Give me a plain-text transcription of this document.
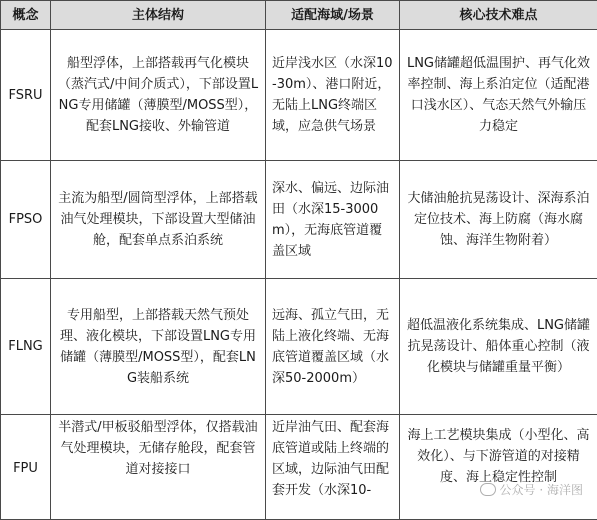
概念	主体结构	适配海域/场景	核心技术难点
FSRU	船型浮体，上部搭载再气化模块（蒸汽式/中间介质式），下部设置LNG专用储罐（薄膜型/MOSS型），配套LNG接收、外输管道	近岸浅水区（水深10-30m）、港口附近，无陆上LNG终端区域，应急供气场景	LNG储罐超低温围护、再气化效率控制、海上系泊定位（适配港口浅水区）、气态天然气外输压力稳定
FPSO	主流为船型/圆筒型浮体，上部搭载油气处理模块，下部设置大型储油舱，配套单点系泊系统	深水、偏远、边际油田（水深15-3000m），无海底管道覆盖区域	大储油舱抗晃荡设计、深海系泊定位技术、海上防腐（海水腐蚀、海洋生物附着）
FLNG	专用船型，上部搭载天然气预处理、液化模块，下部设置LNG专用储罐（薄膜型/MOSS型），配套LNG装船系统	远海、孤立气田，无陆上液化终端、无海底管道覆盖区域（水深50-2000m）	超低温液化系统集成、LNG储罐抗晃荡设计、船体重心控制（液化模块与储罐重量平衡）
FPU	半潜式/甲板驳船型浮体，仅搭载油气处理模块，无储存舱段，配套管道对接接口	近岸油气田、配套海底管道或陆上终端的区域，边际油气田配套开发（水深10-	海上工艺模块集成（小型化、高效化）、与下游管道的对接精度、海上稳定性控制
公众号 · 海洋图
